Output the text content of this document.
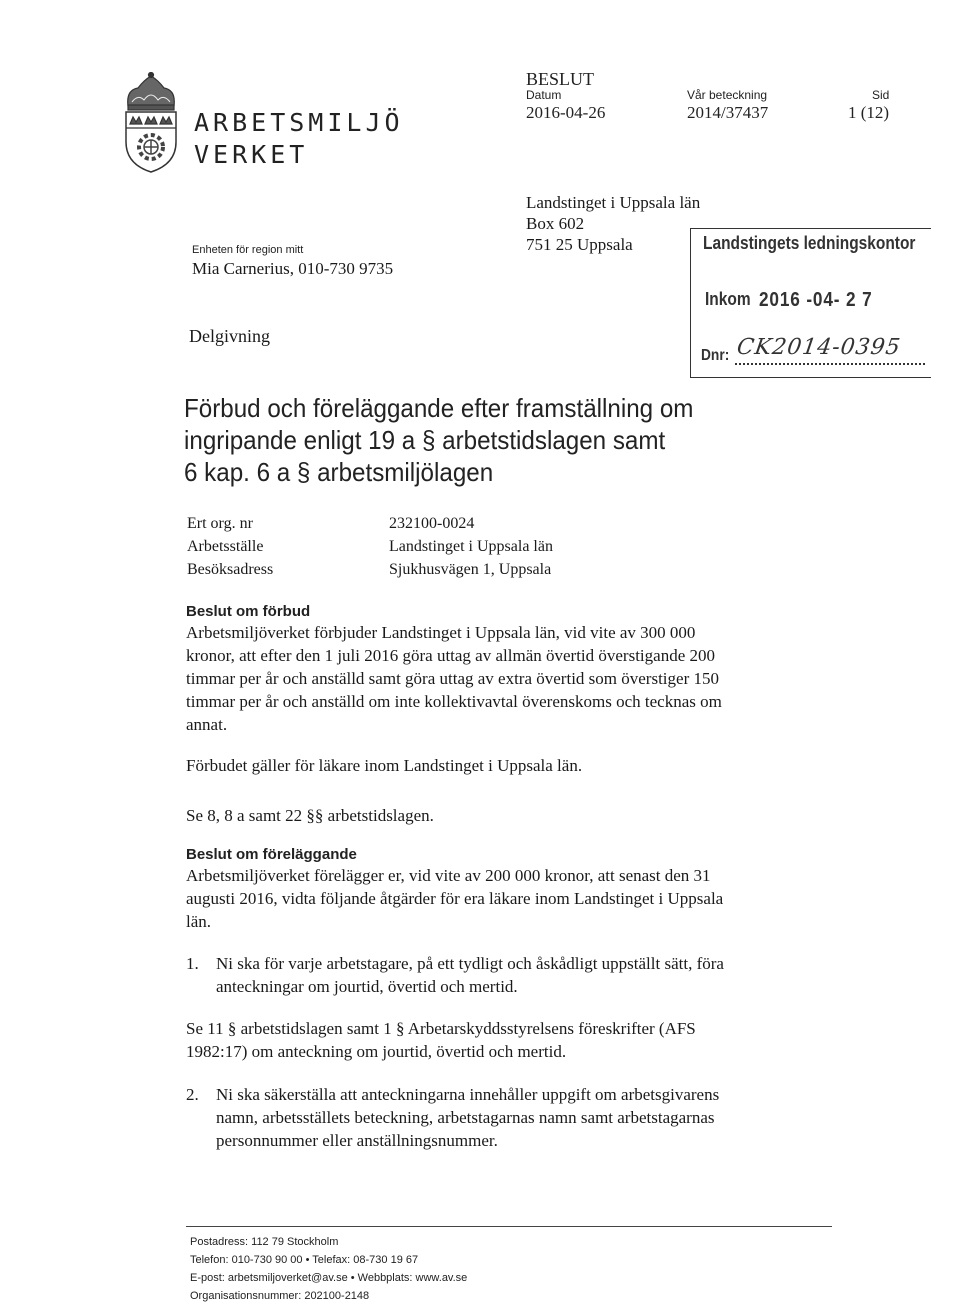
ARBETSMILJÖ
VERKET
BESLUT
Datum
2016-04-26
Vår beteckning
2014/37437
Sid
1 (12)
Enheten för region mitt
Mia Carnerius, 010-730 9735
Landstinget i Uppsala län
Box 602
751 25 Uppsala	Landstingets ledningskontor
Inkom 2016 -04- 2 7
Dnr: CK2014-0395
Delgivning
Förbud och föreläggande efter framställning om
ingripande enligt 19 a § arbetstidslagen samt
6 kap. 6 a § arbetsmiljölagen
Ert org. nr
Arbetsställe
Besöksadress
232100-0024
Landstinget i Uppsala län
Sjukhusvägen 1, Uppsala
Beslut om förbud
Arbetsmiljöverket förbjuder Landstinget i Uppsala län, vid vite av 300 000
kronor, att efter den 1 juli 2016 göra uttag av allmän övertid överstigande 200
timmar per år och anställd samt göra uttag av extra övertid som överstiger 150
timmar per år och anställd om inte kollektivavtal överenskoms och tecknas om
annat.
Förbudet gäller för läkare inom Landstinget i Uppsala län.
Se 8, 8 a samt 22 §§ arbetstidslagen.
Beslut om föreläggande
Arbetsmiljöverket förelägger er, vid vite av 200 000 kronor, att senast den 31
augusti 2016, vidta följande åtgärder för era läkare inom Landstinget i Uppsala
län.
1. Ni ska för varje arbetstagare, på ett tydligt och åskådligt uppställt sätt, föra
anteckningar om jourtid, övertid och mertid.
Se 11 § arbetstidslagen samt 1 § Arbetarskyddsstyrelsens föreskrifter (AFS
1982:17) om anteckning om jourtid, övertid och mertid.
2. Ni ska säkerställa att anteckningarna innehåller uppgift om arbetsgivarens
namn, arbetsställets beteckning, arbetstagarnas namn samt arbetstagarnas
personnummer eller anställningsnummer.
Postadress: 112 79 Stockholm
Telefon: 010-730 90 00 • Telefax: 08-730 19 67
E-post: arbetsmiljoverket@av.se • Webbplats: www.av.se
Organisationsnummer: 202100-2148
